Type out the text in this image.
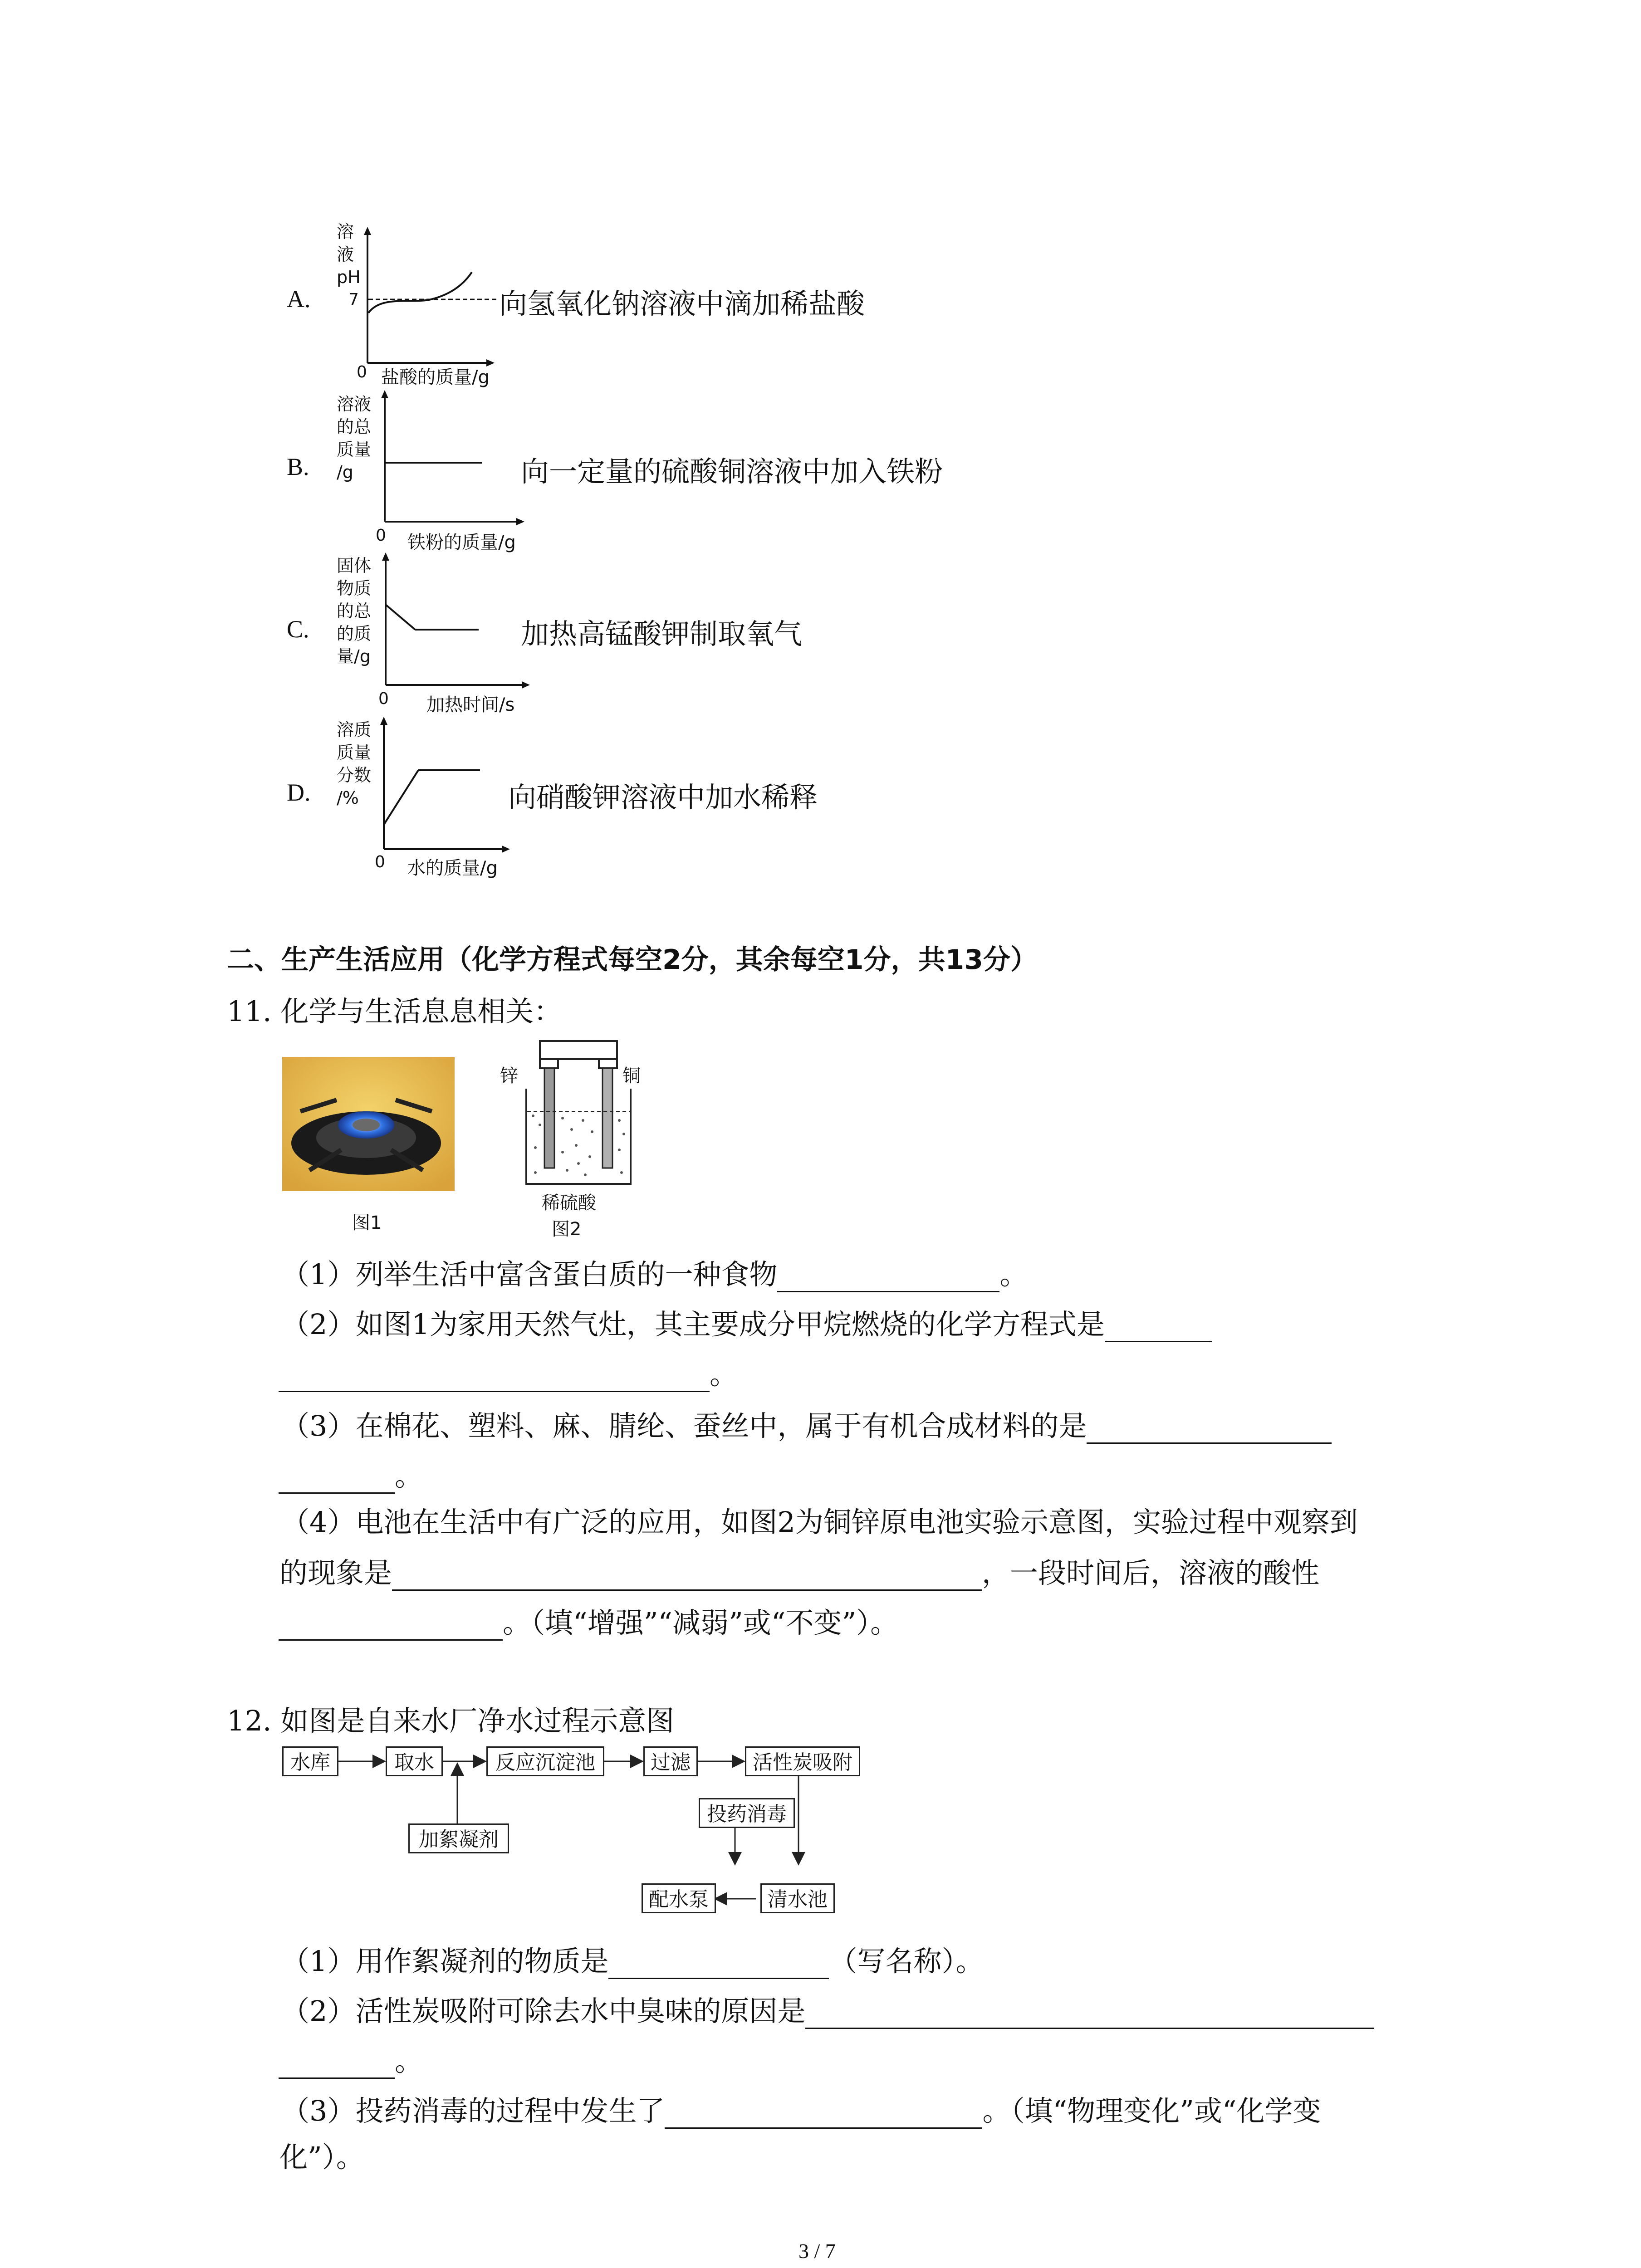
A.
溶
液
pH
7
0 盐酸的质量/g
向氢氧化钠溶液中滴加稀盐酸
B.
溶液
的总
质量
/g
0 铁粉的质量/g
向一定量的硫酸铜溶液中加入铁粉
C.
固体
物质
的总
的质
量/g
0 加热时间/s
加热高锰酸钾制取氧气
D.
溶质
质量
分数
/%
0 水的质量/g
向硝酸钾溶液中加水稀释
二、生产生活应用（化学方程式每空2分，其余每空1分，共13分）
11. 化学与生活息息相关：
图1
锌	铜
稀硫酸
图2
（1）列举生活中富含蛋白质的一种食物	。
（2）如图1为家用天然气灶，其主要成分甲烷燃烧的化学方程式是
。
（3）在棉花、塑料、麻、腈纶、蚕丝中，属于有机合成材料的是
。
（4）电池在生活中有广泛的应用，如图2为铜锌原电池实验示意图，实验过程中观察到
的现象是	，一段时间后，溶液的酸性
。（填“增强”“减弱”或“不变”）。
12. 如图是自来水厂净水过程示意图
水库	取水	反应沉淀池	过滤	活性炭吸附
投药消毒
清水池
配水泵
加絮凝剂
（1）用作絮凝剂的物质是	（写名称）。
（2）活性炭吸附可除去水中臭味的原因是
。
（3）投药消毒的过程中发生了	。（填“物理变化”或“化学变
化”）。
3 / 7
